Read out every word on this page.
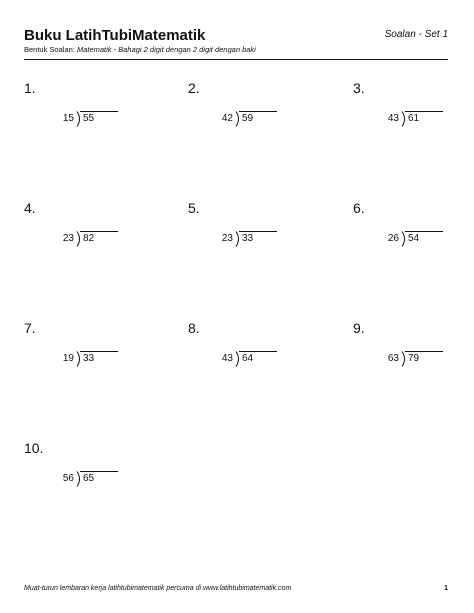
Buku LatihTubiMatematik	Soalan - Set 1
Bentuk Soalan: Matematik - Bahagi 2 digit dengan 2 digit dengan baki
1.
15 55
2.
42 59
3.
43 61
4.
23 82
5.
23 33
6.
26 54
7.
19 33
8.
43 64
9.
63 79
10.
56 65
Muat-turun lembaran kerja latihtubimatematik percuma di www.latihtubimatematik.com	1
